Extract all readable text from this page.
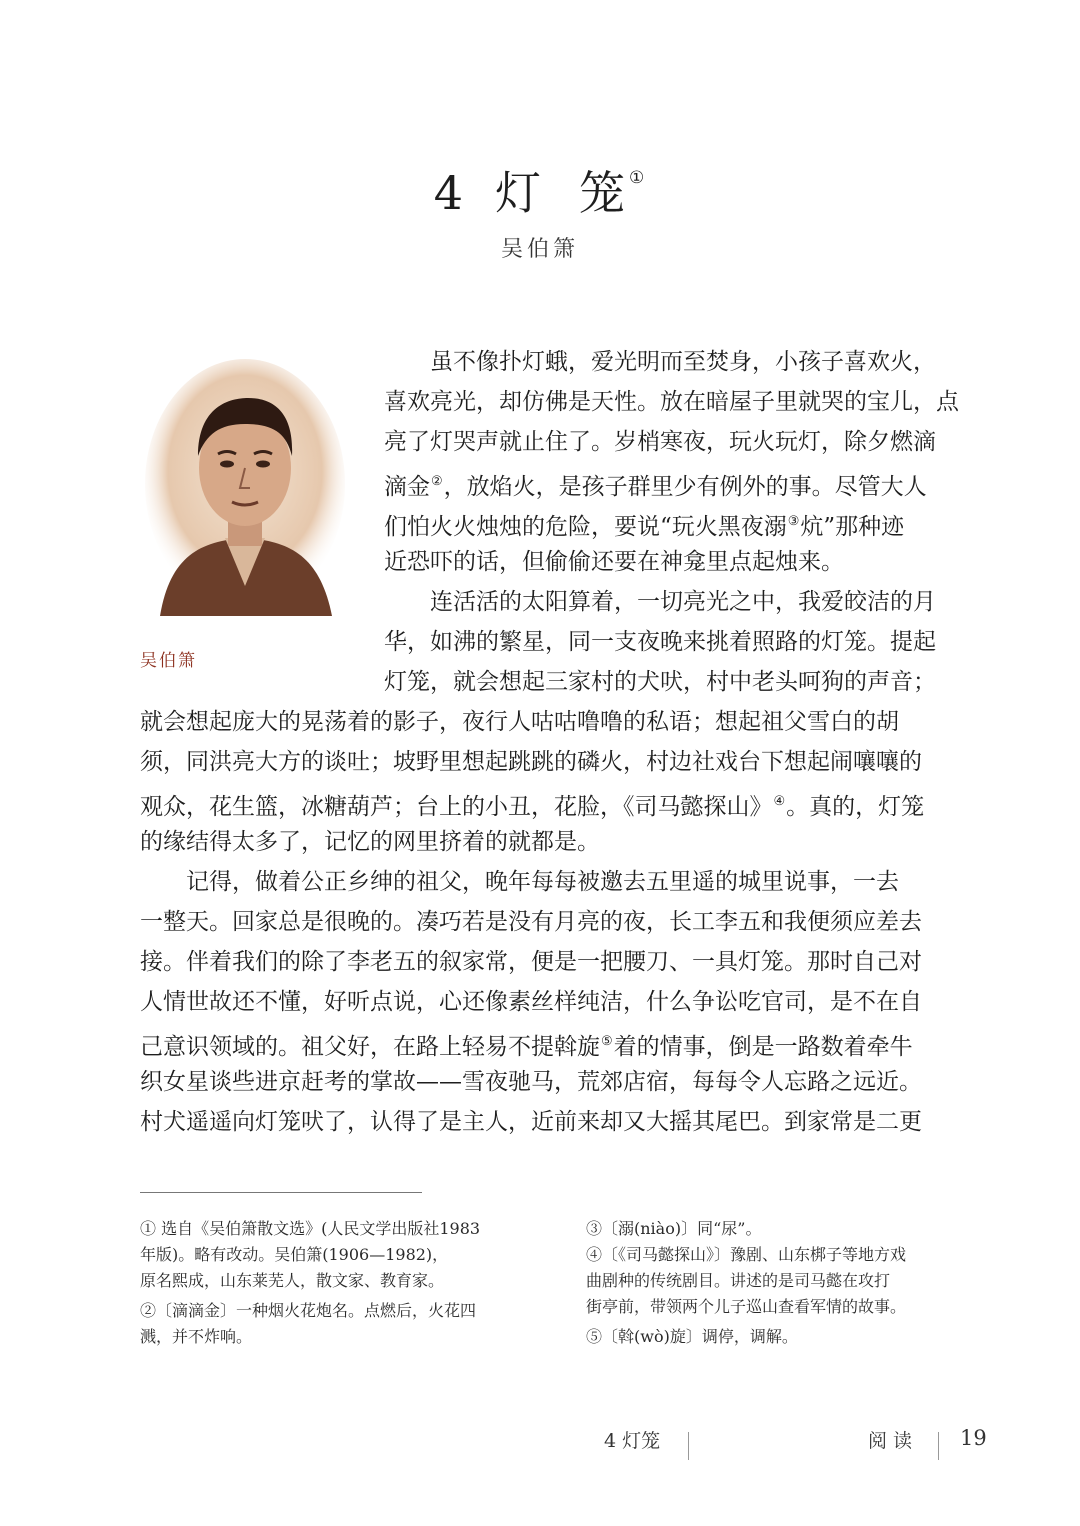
4 灯 笼 ①
吴伯箫
吴伯箫
虽不像扑灯蛾，爱光明而至焚身，小孩子喜欢火，
喜欢亮光，却仿佛是天性。放在暗屋子里就哭的宝儿，点
亮了灯哭声就止住了。岁梢寒夜，玩火玩灯，除夕燃滴
滴金②，放焰火，是孩子群里少有例外的事。尽管大人
们怕火火烛烛的危险，要说“玩火黑夜溺③炕”那种迹
近恐吓的话，但偷偷还要在神龛里点起烛来。
连活活的太阳算着，一切亮光之中，我爱皎洁的月
华，如沸的繁星，同一支夜晚来挑着照路的灯笼。提起
灯笼，就会想起三家村的犬吠，村中老头呵狗的声音；
就会想起庞大的晃荡着的影子，夜行人咕咕噜噜的私语；想起祖父雪白的胡
须，同洪亮大方的谈吐；坡野里想起跳跳的磷火，村边社戏台下想起闹嚷嚷的
观众，花生篮，冰糖葫芦；台上的小丑，花脸，《司马懿探山》④。真的，灯笼
的缘结得太多了，记忆的网里挤着的就都是。
记得，做着公正乡绅的祖父，晚年每每被邀去五里遥的城里说事，一去
一整天。回家总是很晚的。凑巧若是没有月亮的夜，长工李五和我便须应差去
接。伴着我们的除了李老五的叙家常，便是一把腰刀、一具灯笼。那时自己对
人情世故还不懂，好听点说，心还像素丝样纯洁，什么争讼吃官司，是不在自
己意识领域的。祖父好，在路上轻易不提斡旋⑤着的情事，倒是一路数着牵牛
织女星谈些进京赶考的掌故——雪夜驰马，荒郊店宿，每每令人忘路之远近。
村犬遥遥向灯笼吠了，认得了是主人，近前来却又大摇其尾巴。到家常是二更
① 选自《吴伯箫散文选》(人民文学出版社1983
年版)。略有改动。吴伯箫(1906—1982)，
原名熙成，山东莱芜人，散文家、教育家。
②〔滴滴金〕一种烟火花炮名。点燃后，火花四
溅，并不炸响。
③〔溺(niào)〕同“尿”。
④〔《司马懿探山》〕豫剧、山东梆子等地方戏
曲剧种的传统剧目。讲述的是司马懿在攻打
街亭前，带领两个儿子巡山查看军情的故事。
⑤〔斡(wò)旋〕调停，调解。
4 灯笼	阅 读 19
